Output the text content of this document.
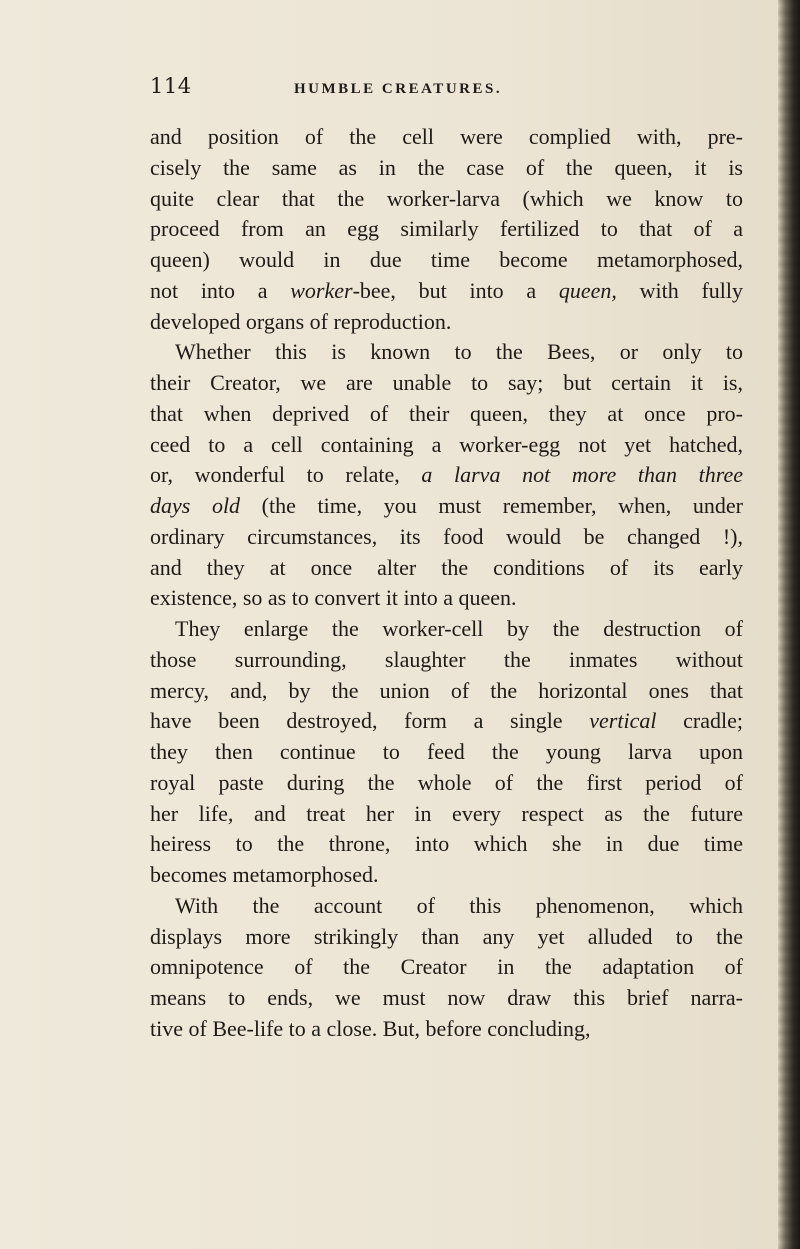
114	HUMBLE CREATURES.

and position of the cell were complied with, pre-
cisely the same as in the case of the queen, it is
quite clear that the worker-larva (which we know to
proceed from an egg similarly fertilized to that of a
queen) would in due time become metamorphosed,
not into a worker-bee, but into a queen, with fully
developed organs of reproduction.

Whether this is known to the Bees, or only to
their Creator, we are unable to say; but certain it is,
that when deprived of their queen, they at once pro-
ceed to a cell containing a worker-egg not yet hatched,
or, wonderful to relate, a larva not more than three
days old (the time, you must remember, when, under
ordinary circumstances, its food would be changed !),
and they at once alter the conditions of its early
existence, so as to convert it into a queen.

They enlarge the worker-cell by the destruction of
those surrounding, slaughter the inmates without
mercy, and, by the union of the horizontal ones that
have been destroyed, form a single vertical cradle;
they then continue to feed the young larva upon
royal paste during the whole of the first period of
her life, and treat her in every respect as the future
heiress to the throne, into which she in due time
becomes metamorphosed.

With the account of this phenomenon, which
displays more strikingly than any yet alluded to the
omnipotence of the Creator in the adaptation of
means to ends, we must now draw this brief narra-
tive of Bee-life to a close. But, before concluding,
